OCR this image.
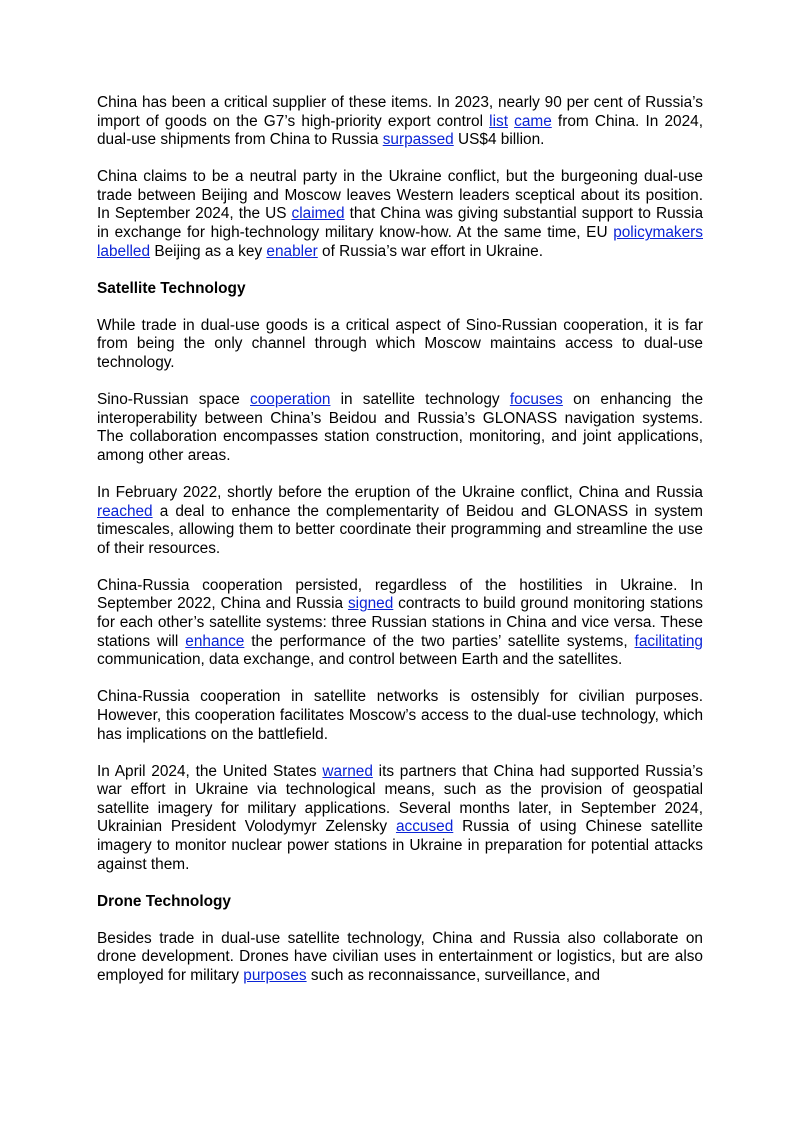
China has been a critical supplier of these items. In 2023, nearly 90 per cent of Russia’s import of goods on the G7’s high-priority export control list came from China. In 2024, dual-use shipments from China to Russia surpassed US$4 billion.

China claims to be a neutral party in the Ukraine conflict, but the burgeoning dual-use trade between Beijing and Moscow leaves Western leaders sceptical about its position. In September 2024, the US claimed that China was giving substantial support to Russia in exchange for high-technology military know-how. At the same time, EU policymakers labelled Beijing as a key enabler of Russia’s war effort in Ukraine.

Satellite Technology

While trade in dual-use goods is a critical aspect of Sino-Russian cooperation, it is far from being the only channel through which Moscow maintains access to dual-use technology.

Sino-Russian space cooperation in satellite technology focuses on enhancing the interoperability between China’s Beidou and Russia’s GLONASS navigation systems. The collaboration encompasses station construction, monitoring, and joint applications, among other areas.

In February 2022, shortly before the eruption of the Ukraine conflict, China and Russia reached a deal to enhance the complementarity of Beidou and GLONASS in system timescales, allowing them to better coordinate their programming and streamline the use of their resources.

China-Russia cooperation persisted, regardless of the hostilities in Ukraine. In September 2022, China and Russia signed contracts to build ground monitoring stations for each other’s satellite systems: three Russian stations in China and vice versa. These stations will enhance the performance of the two parties’ satellite systems, facilitating communication, data exchange, and control between Earth and the satellites.

China-Russia cooperation in satellite networks is ostensibly for civilian purposes. However, this cooperation facilitates Moscow’s access to the dual-use technology, which has implications on the battlefield.

In April 2024, the United States warned its partners that China had supported Russia’s war effort in Ukraine via technological means, such as the provision of geospatial satellite imagery for military applications. Several months later, in September 2024, Ukrainian President Volodymyr Zelensky accused Russia of using Chinese satellite imagery to monitor nuclear power stations in Ukraine in preparation for potential attacks against them.

Drone Technology

Besides trade in dual-use satellite technology, China and Russia also collaborate on drone development. Drones have civilian uses in entertainment or logistics, but are also employed for military purposes such as reconnaissance, surveillance, and
